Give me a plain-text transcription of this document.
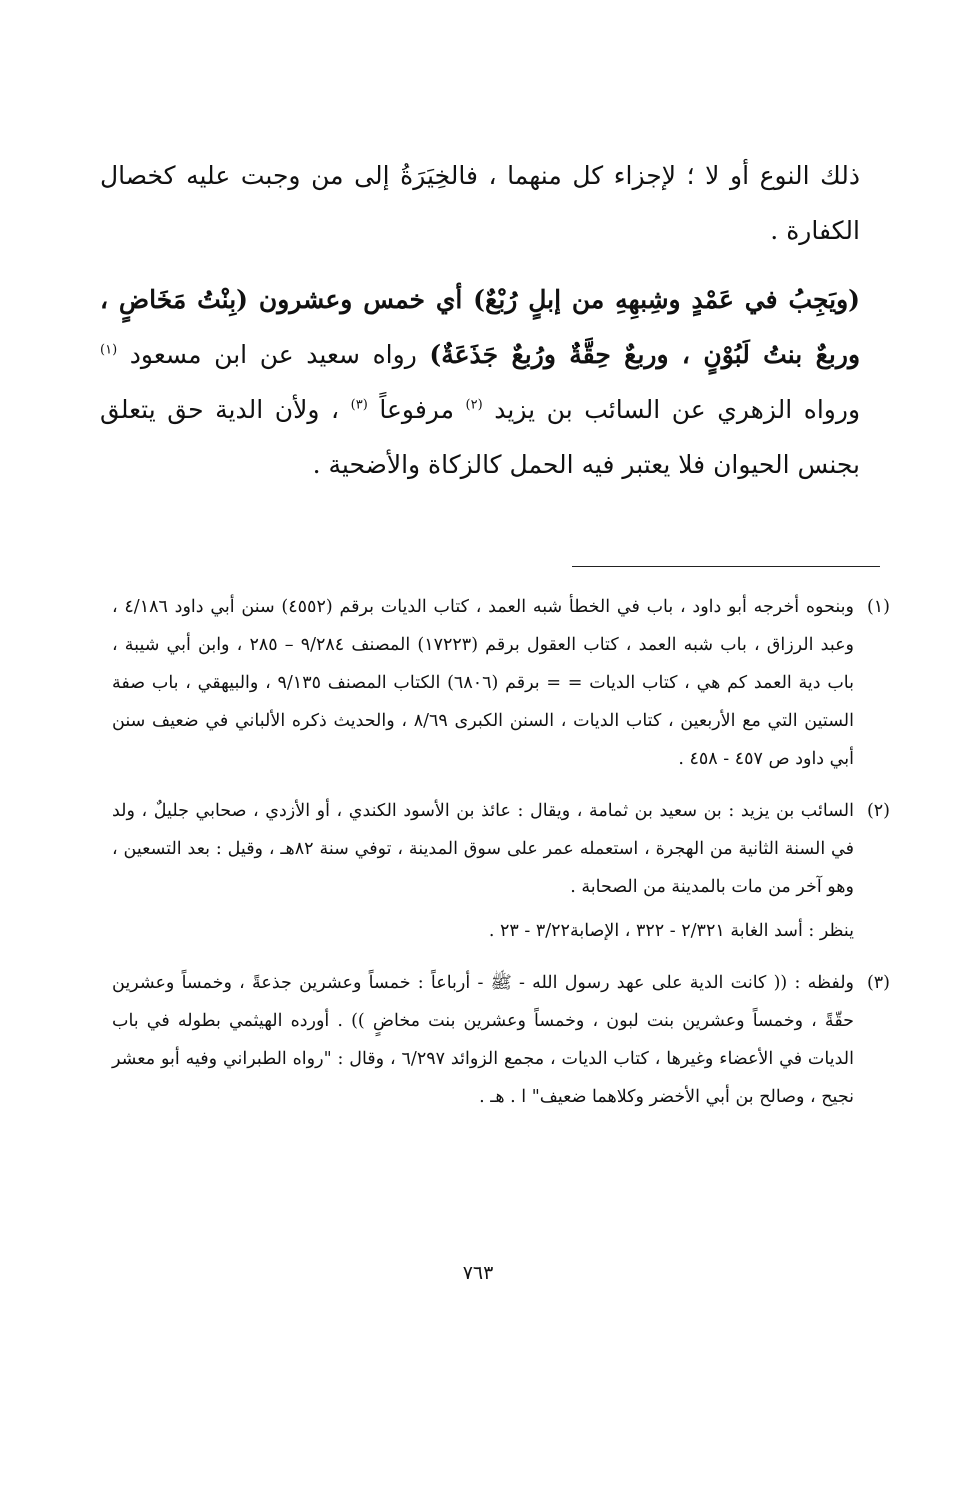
ذلك النوع أو لا ؛ لإجزاء كل منهما ، فالخِيَرَةُ إلى من وجبت عليه كخصال الكفارة .

(ويَجِبُ في عَمْدٍ وشِبهِهِ من إبلٍ رُبْعٌ) أي خمس وعشرون (بِنْتُ مَخَاضٍ ، وربعٌ بنتُ لَبُوْنٍ ، وربعٌ حِقَّةٌ ورُبعٌ جَذَعَةٌ) رواه سعيد عن ابن مسعود $^{(١)}$ ورواه الزهري عن السائب بن يزيد $^{(٢)}$ مرفوعاً $^{(٣)}$ ، ولأن الدية حق يتعلق بجنس الحيوان فلا يعتبر فيه الحمل كالزكاة والأضحية .

(١)
وبنحوه أخرجه أبو داود ، باب في الخطأ شبه العمد ، كتاب الديات برقم (٤٥٥٢) سنن أبي داود ٤/١٨٦ ، وعبد الرزاق ، باب شبه العمد ، كتاب العقول برقم (١٧٢٢٣) المصنف ٩/٢٨٤ – ٢٨٥ ، وابن أبي شيبة ، باب دية العمد كم هي ، كتاب الديات = = برقم (٦٨٠٦) الكتاب المصنف ٩/١٣٥ ، والبيهقي ، باب صفة الستين التي مع الأربعين ، كتاب الديات ، السنن الكبرى ٨/٦٩ ، والحديث ذكره الألباني في ضعيف سنن أبي داود ص ٤٥٧ - ٤٥٨ .
(٢)
السائب بن يزيد : بن سعيد بن ثمامة ، ويقال : عائذ بن الأسود الكندي ، أو الأزدي ، صحابي جليلٌ ، ولد في السنة الثانية من الهجرة ، استعمله عمر على سوق المدينة ، توفي سنة ٨٢هـ ، وقيل : بعد التسعين ، وهو آخر من مات بالمدينة من الصحابة .
ينظر : أسد الغابة ٢/٣٢١ - ٣٢٢ ، الإصابة٣/٢٢ - ٢٣ .
(٣)
ولفظه : (( كانت الدية على عهد رسول الله - ﷺ - أرباعاً : خمساً وعشرين جذعةً ، وخمساً وعشرين حقّةً ، وخمساً وعشرين بنت لبون ، وخمساً وعشرين بنت مخاضٍ )) . أورده الهيثمي بطوله في باب الديات في الأعضاء وغيرها ، كتاب الديات ، مجمع الزوائد ٦/٢٩٧ ، وقال : "رواه الطبراني وفيه أبو معشر نجيح ، وصالح بن أبي الأخضر وكلاهما ضعيف" ا . هـ .
٧٦٣
